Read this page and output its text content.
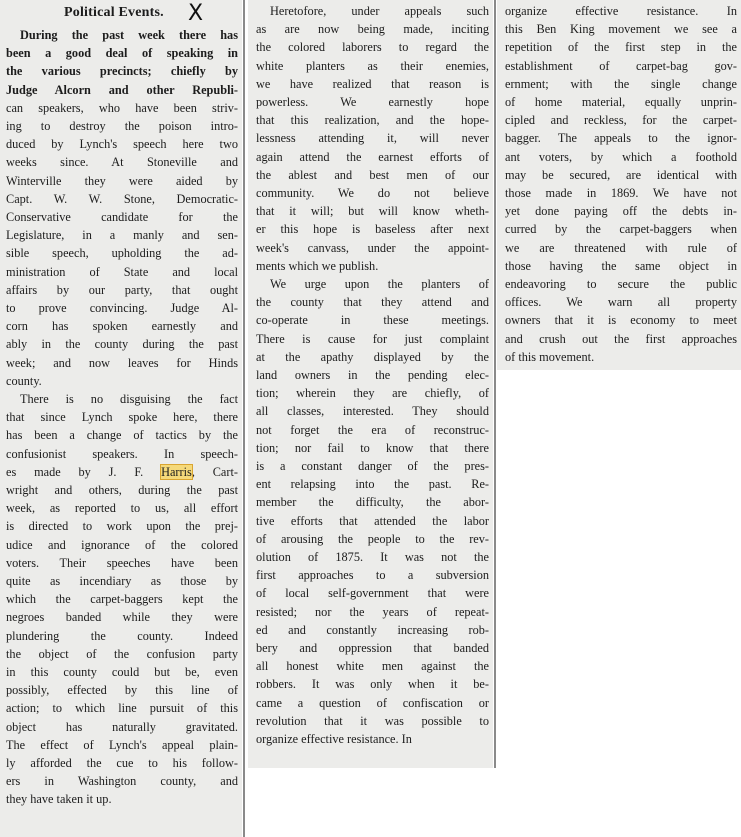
Political Events. X
During the past week there has
been a good deal of speaking in
the various precincts; chiefly by
Judge Alcorn and other Republi-
can speakers, who have been striv-
ing to destroy the poison intro-
duced by Lynch's speech here two
weeks since. At Stoneville and
Winterville they were aided by
Capt. W. W. Stone, Democratic-
Conservative candidate for the
Legislature, in a manly and sen-
sible speech, upholding the ad-
ministration of State and local
affairs by our party, that ought
to prove convincing. Judge Al-
corn has spoken earnestly and
ably in the county during the past
week; and now leaves for Hinds
county.
There is no disguising the fact
that since Lynch spoke here, there
has been a change of tactics by the
confusionist speakers. In speech-
es made by J. F. Harris, Cart-
wright and others, during the past
week, as reported to us, all effort
is directed to work upon the prej-
udice and ignorance of the colored
voters. Their speeches have been
quite as incendiary as those by
which the carpet-baggers kept the
negroes banded while they were
plundering the county. Indeed
the object of the confusion party
in this county could but be, even
possibly, effected by this line of
action; to which line pursuit of this
object has naturally gravitated.
The effect of Lynch's appeal plain-
ly afforded the cue to his follow-
ers in Washington county, and
they have taken it up.
Heretofore, under appeals such
as are now being made, inciting
the colored laborers to regard the
white planters as their enemies,
we have realized that reason is
powerless. We earnestly hope
that this realization, and the hope-
lessness attending it, will never
again attend the earnest efforts of
the ablest and best men of our
community. We do not believe
that it will; but will know wheth-
er this hope is baseless after next
week's canvass, under the appoint-
ments which we publish.
We urge upon the planters of
the county that they attend and
co-operate in these meetings.
There is cause for just complaint
at the apathy displayed by the
land owners in the pending elec-
tion; wherein they are chiefly, of
all classes, interested. They should
not forget the era of reconstruc-
tion; nor fail to know that there
is a constant danger of the pres-
ent relapsing into the past. Re-
member the difficulty, the abor-
tive efforts that attended the labor
of arousing the people to the rev-
olution of 1875. It was not the
first approaches to a subversion
of local self-government that were
resisted; nor the years of repeat-
ed and constantly increasing rob-
bery and oppression that banded
all honest white men against the
robbers. It was only when it be-
came a question of confiscation or
revolution that it was possible to
organize effective resistance. In
organize effective resistance. In
this Ben King movement we see a
repetition of the first step in the
establishment of carpet-bag gov-
ernment; with the single change
of home material, equally unprin-
cipled and reckless, for the carpet-
bagger. The appeals to the ignor-
ant voters, by which a foothold
may be secured, are identical with
those made in 1869. We have not
yet done paying off the debts in-
curred by the carpet-baggers when
we are threatened with rule of
those having the same object in
endeavoring to secure the public
offices. We warn all property
owners that it is economy to meet
and crush out the first approaches
of this movement.
